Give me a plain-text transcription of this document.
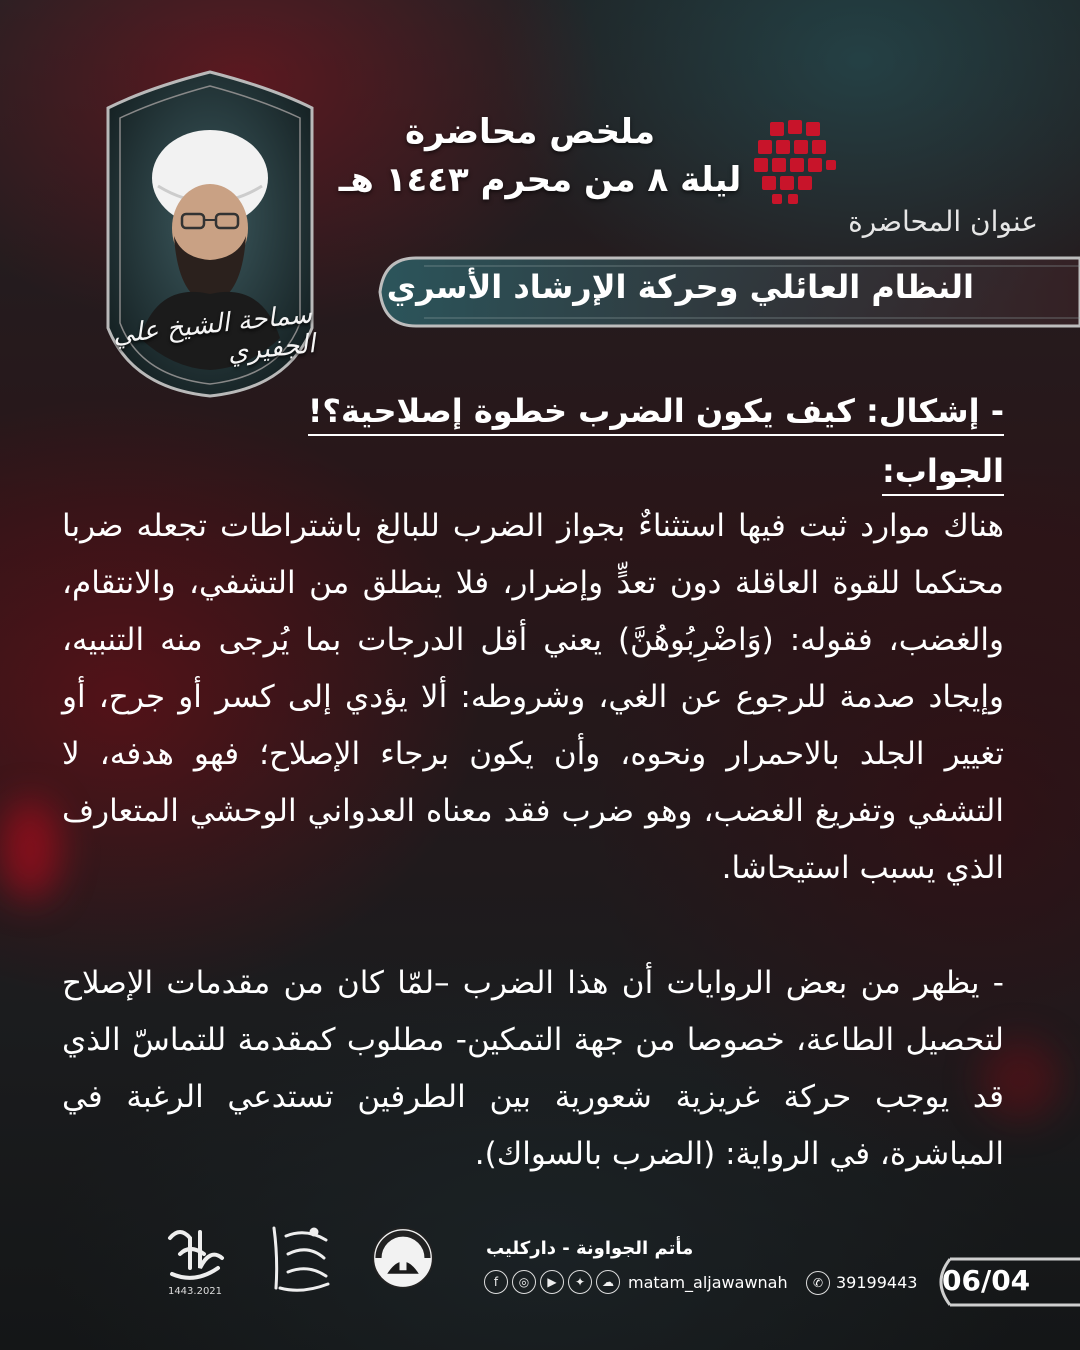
ملخص محاضرة
ليلة ٨ من محرم ١٤٤٣ هـ
عنوان المحاضرة
النظام العائلي وحركة الإرشاد الأسري
سماحة الشيخ علي الجفيري
- إشكال: كيف يكون الضرب خطوة إصلاحية؟!
الجواب:
هناك موارد ثبت فيها استثناءٌ بجواز الضرب للبالغ باشتراطات تجعله ضربا محتكما للقوة العاقلة دون تعدٍّ وإضرار، فلا ينطلق من التشفي، والانتقام، والغضب، فقوله: (وَاضْرِبُوهُنَّ) يعني أقل الدرجات بما يُرجى منه التنبيه، وإيجاد صدمة للرجوع عن الغي، وشروطه: ألا يؤدي إلى كسر أو جرح، أو تغيير الجلد بالاحمرار ونحوه، وأن يكون برجاء الإصلاح؛ فهو هدفه، لا التشفي وتفريغ الغضب، وهو ضرب فقد معناه العدواني الوحشي المتعارف الذي يسبب استيحاشا.
- يظهر من بعض الروايات أن هذا الضرب –لمّا كان من مقدمات الإصلاح لتحصيل الطاعة، خصوصا من جهة التمكين- مطلوب كمقدمة للتماسّ الذي قد يوجب حركة غريزية شعورية بين الطرفين تستدعي الرغبة في المباشرة، في الرواية: (الضرب بالسواك).
1443.2021
مأتم الجواونة - داركليب
f	◎	▶	✦	☁ matam_aljawawnah	✆ 39199443 06/04
